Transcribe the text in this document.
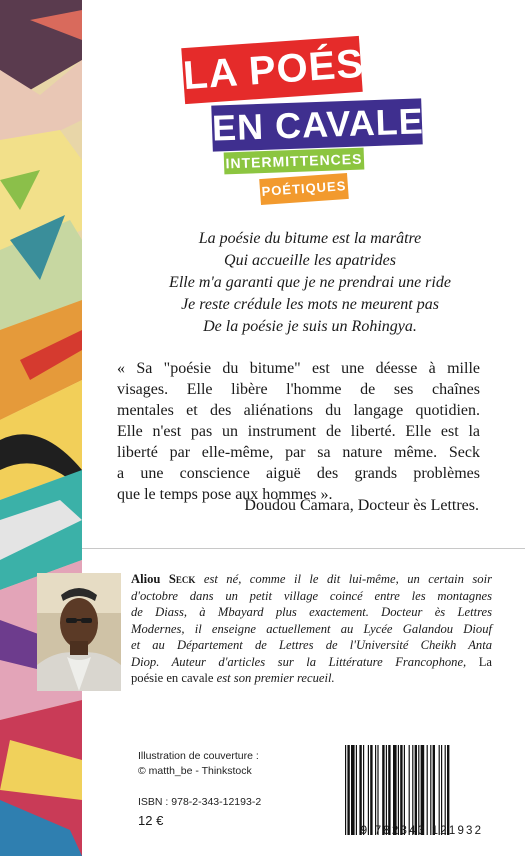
LA POÉSIE
EN CAVALE
INTERMITTENCES
POÉTIQUES
La poésie du bitume est la marâtre
Qui accueille les apatrides
Elle m'a garanti que je ne prendrai une ride
Je reste crédule les mots ne meurent pas
De la poésie je suis un Rohingya.
« Sa "poésie du bitume" est une déesse à mille
visages. Elle libère l'homme de ses chaînes
mentales et des aliénations du langage quotidien.
Elle n'est pas un instrument de liberté. Elle est la
liberté par elle-même, par sa nature même. Seck
a une conscience aiguë des grands problèmes
que le temps pose aux hommes ».
Doudou Camara, Docteur ès Lettres.
Aliou Seck est né, comme il le dit lui-même, un certain soir
d'octobre dans un petit village coincé entre les montagnes
de Diass, à Mbayard plus exactement. Docteur ès Lettres
Modernes, il enseigne actuellement au Lycée Galandou Diouf
et au Département de Lettres de l'Université Cheikh Anta
Diop. Auteur d'articles sur la Littérature Francophone, La
poésie en cavale est son premier recueil.
Illustration de couverture :
© matth_be - Thinkstock
ISBN : 978-2-343-12193-2
12 €
9 782343 121932
